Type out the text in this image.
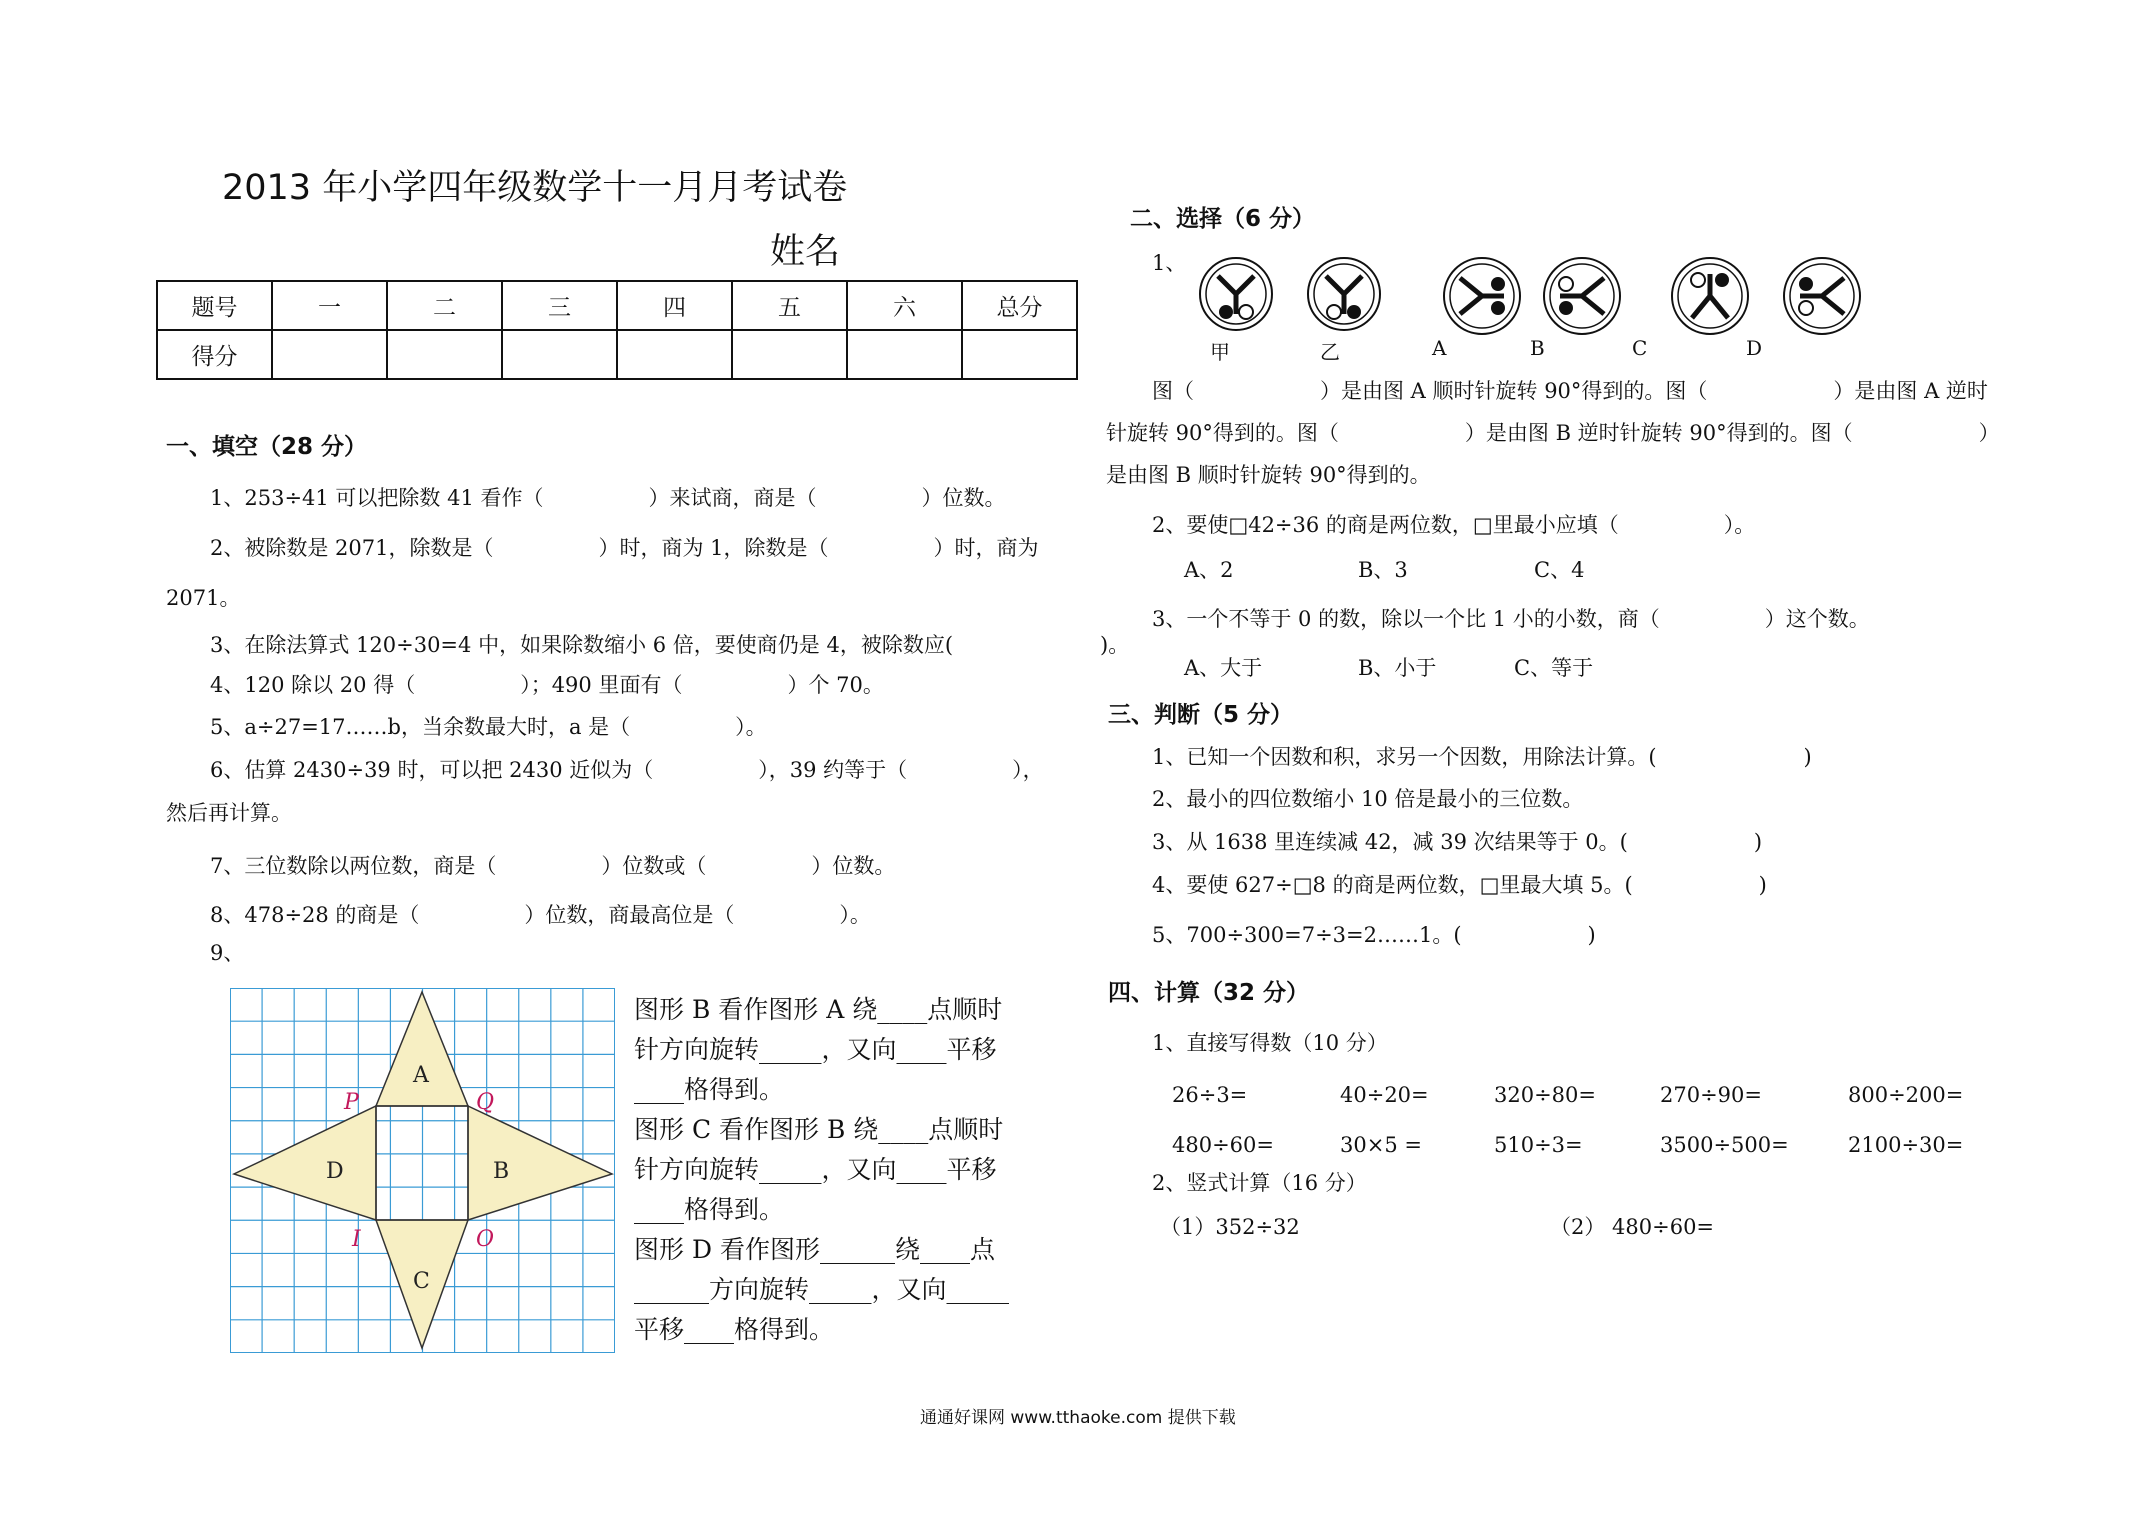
2013 年小学四年级数学十一月月考试卷
姓名
题号	一	二	三	四	五	六	总分
得分							
一、填空（28 分）
1、253÷41 可以把除数 41 看作（　　　　　）来试商，商是（　　　　　）位数。
2、被除数是 2071，除数是（　　　　　）时，商为 1，除数是（　　　　　）时，商为
2071。
3、在除法算式 120÷30=4 中，如果除数缩小 6 倍，要使商仍是 4，被除数应(　　　　　　　)。
4、120 除以 20 得（　　　　　）；490 里面有（　　　　　）个 70。
5、a÷27=17……b，当余数最大时，a 是（　　　　　）。
6、估算 2430÷39 时，可以把 2430 近似为（　　　　　），39 约等于（　　　　　），
然后再计算。
7、三位数除以两位数，商是（　　　　　）位数或（　　　　　）位数。
8、478÷28 的商是（　　　　　）位数，商最高位是（　　　　　）。
9、
A
B
C
D
P	Q
I	O
图形 B 看作图形 A 绕____点顺时
针方向旋转_____，又向____平移
____格得到。
图形 C 看作图形 B 绕____点顺时
针方向旋转_____，又向____平移
____格得到。
图形 D 看作图形______绕____点
______方向旋转_____，又向_____
平移____格得到。
二、选择（6 分）
1、
甲	乙	A	B	C	D
图（　　　　　　）是由图 A 顺时针旋转 90°得到的。图（　　　　　　）是由图 A 逆时
针旋转 90°得到的。图（　　　　　　）是由图 B 逆时针旋转 90°得到的。图（　　　　　　）
是由图 B 顺时针旋转 90°得到的。
2、要使□42÷36 的商是两位数，□里最小应填（　　　　　）。
A、2	B、3	C、4
3、一个不等于 0 的数，除以一个比 1 小的小数，商（　　　　　）这个数。
A、大于	B、小于	C、等于
三、判断（5 分）
1、已知一个因数和积，求另一个因数，用除法计算。(　　　　　　　)
2、最小的四位数缩小 10 倍是最小的三位数。
3、从 1638 里连续减 42，减 39 次结果等于 0。(　　　　　　)
4、要使 627÷□8 的商是两位数，□里最大填 5。(　　　　　　)
5、700÷300=7÷3=2……1。(　　　　　　)
四、计算（32 分）
1、直接写得数（10 分）
26÷3=	40÷20=	320÷80=	270÷90=	800÷200=
480÷60=	30×5 =	510÷3=	3500÷500=	2100÷30=
2、竖式计算（16 分）
（1）352÷32	（2） 480÷60=
通通好课网 www.tthaoke.com 提供下载
